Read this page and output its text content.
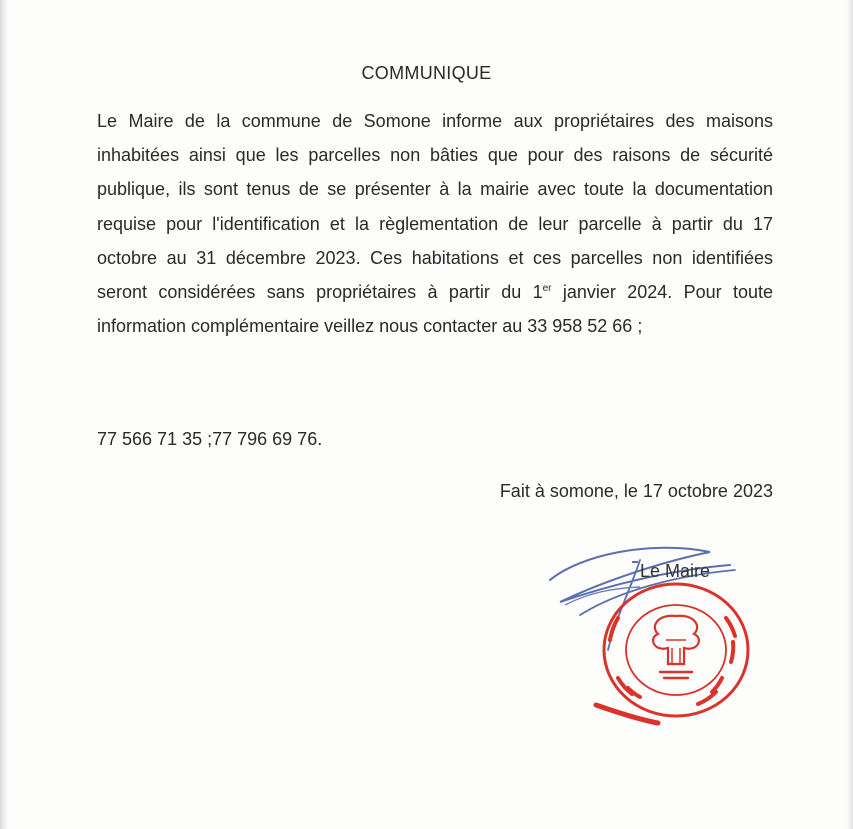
COMMUNIQUE
Le Maire de la commune de Somone informe aux propriétaires des maisons inhabitées ainsi que les parcelles non bâties que pour des raisons de sécurité publique, ils sont tenus de se présenter à la mairie avec toute la documentation requise pour l'identification et la règlementation de leur parcelle à partir du 17 octobre au 31 décembre 2023. Ces habitations et ces parcelles non identifiées seront considérées sans propriétaires à partir du 1er janvier 2024. Pour toute information complémentaire veillez nous contacter au 33 958 52 66 ;
77 566 71 35 ;77 796 69 76.
Fait à somone, le 17 octobre 2023
Le Maire
